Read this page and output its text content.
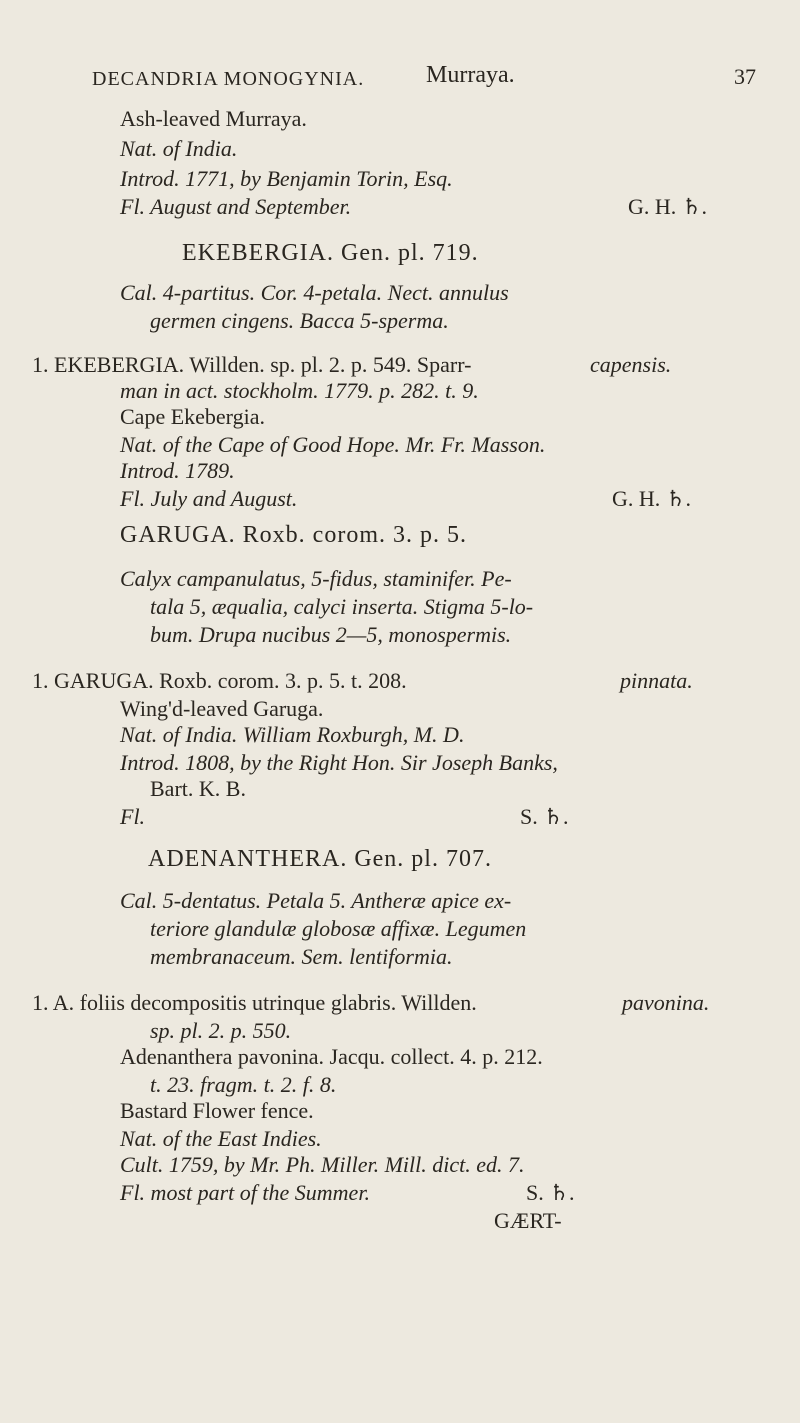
DECANDRIA MONOGYNIA.	Murraya.	37
Ash-leaved Murraya.
Nat. of India.
Introd. 1771, by Benjamin Torin, Esq.
Fl. August and September.	G. H. ♄.
EKEBERGIA. Gen. pl. 719.
Cal. 4-partitus. Cor. 4-petala. Nect. annulus
germen cingens. Bacca 5-sperma.
1. EKEBERGIA. Willden. sp. pl. 2. p. 549. Sparr-	capensis.
man in act. stockholm. 1779. p. 282. t. 9.
Cape Ekebergia.
Nat. of the Cape of Good Hope. Mr. Fr. Masson.
Introd. 1789.
Fl. July and August.	G. H. ♄.
GARUGA. Roxb. corom. 3. p. 5.
Calyx campanulatus, 5-fidus, staminifer. Pe-
tala 5, æqualia, calyci inserta. Stigma 5-lo-
bum. Drupa nucibus 2—5, monospermis.
1. GARUGA. Roxb. corom. 3. p. 5. t. 208.	pinnata.
Wing'd-leaved Garuga.
Nat. of India. William Roxburgh, M. D.
Introd. 1808, by the Right Hon. Sir Joseph Banks,
Bart. K. B.
Fl.	S. ♄.
ADENANTHERA. Gen. pl. 707.
Cal. 5-dentatus. Petala 5. Antheræ apice ex-
teriore glandulæ globosæ affixæ. Legumen
membranaceum. Sem. lentiformia.
1. A. foliis decompositis utrinque glabris. Willden.	pavonina.
sp. pl. 2. p. 550.
Adenanthera pavonina. Jacqu. collect. 4. p. 212.
t. 23. fragm. t. 2. f. 8.
Bastard Flower fence.
Nat. of the East Indies.
Cult. 1759, by Mr. Ph. Miller. Mill. dict. ed. 7.
Fl. most part of the Summer.	S. ♄.
GÆRT-
